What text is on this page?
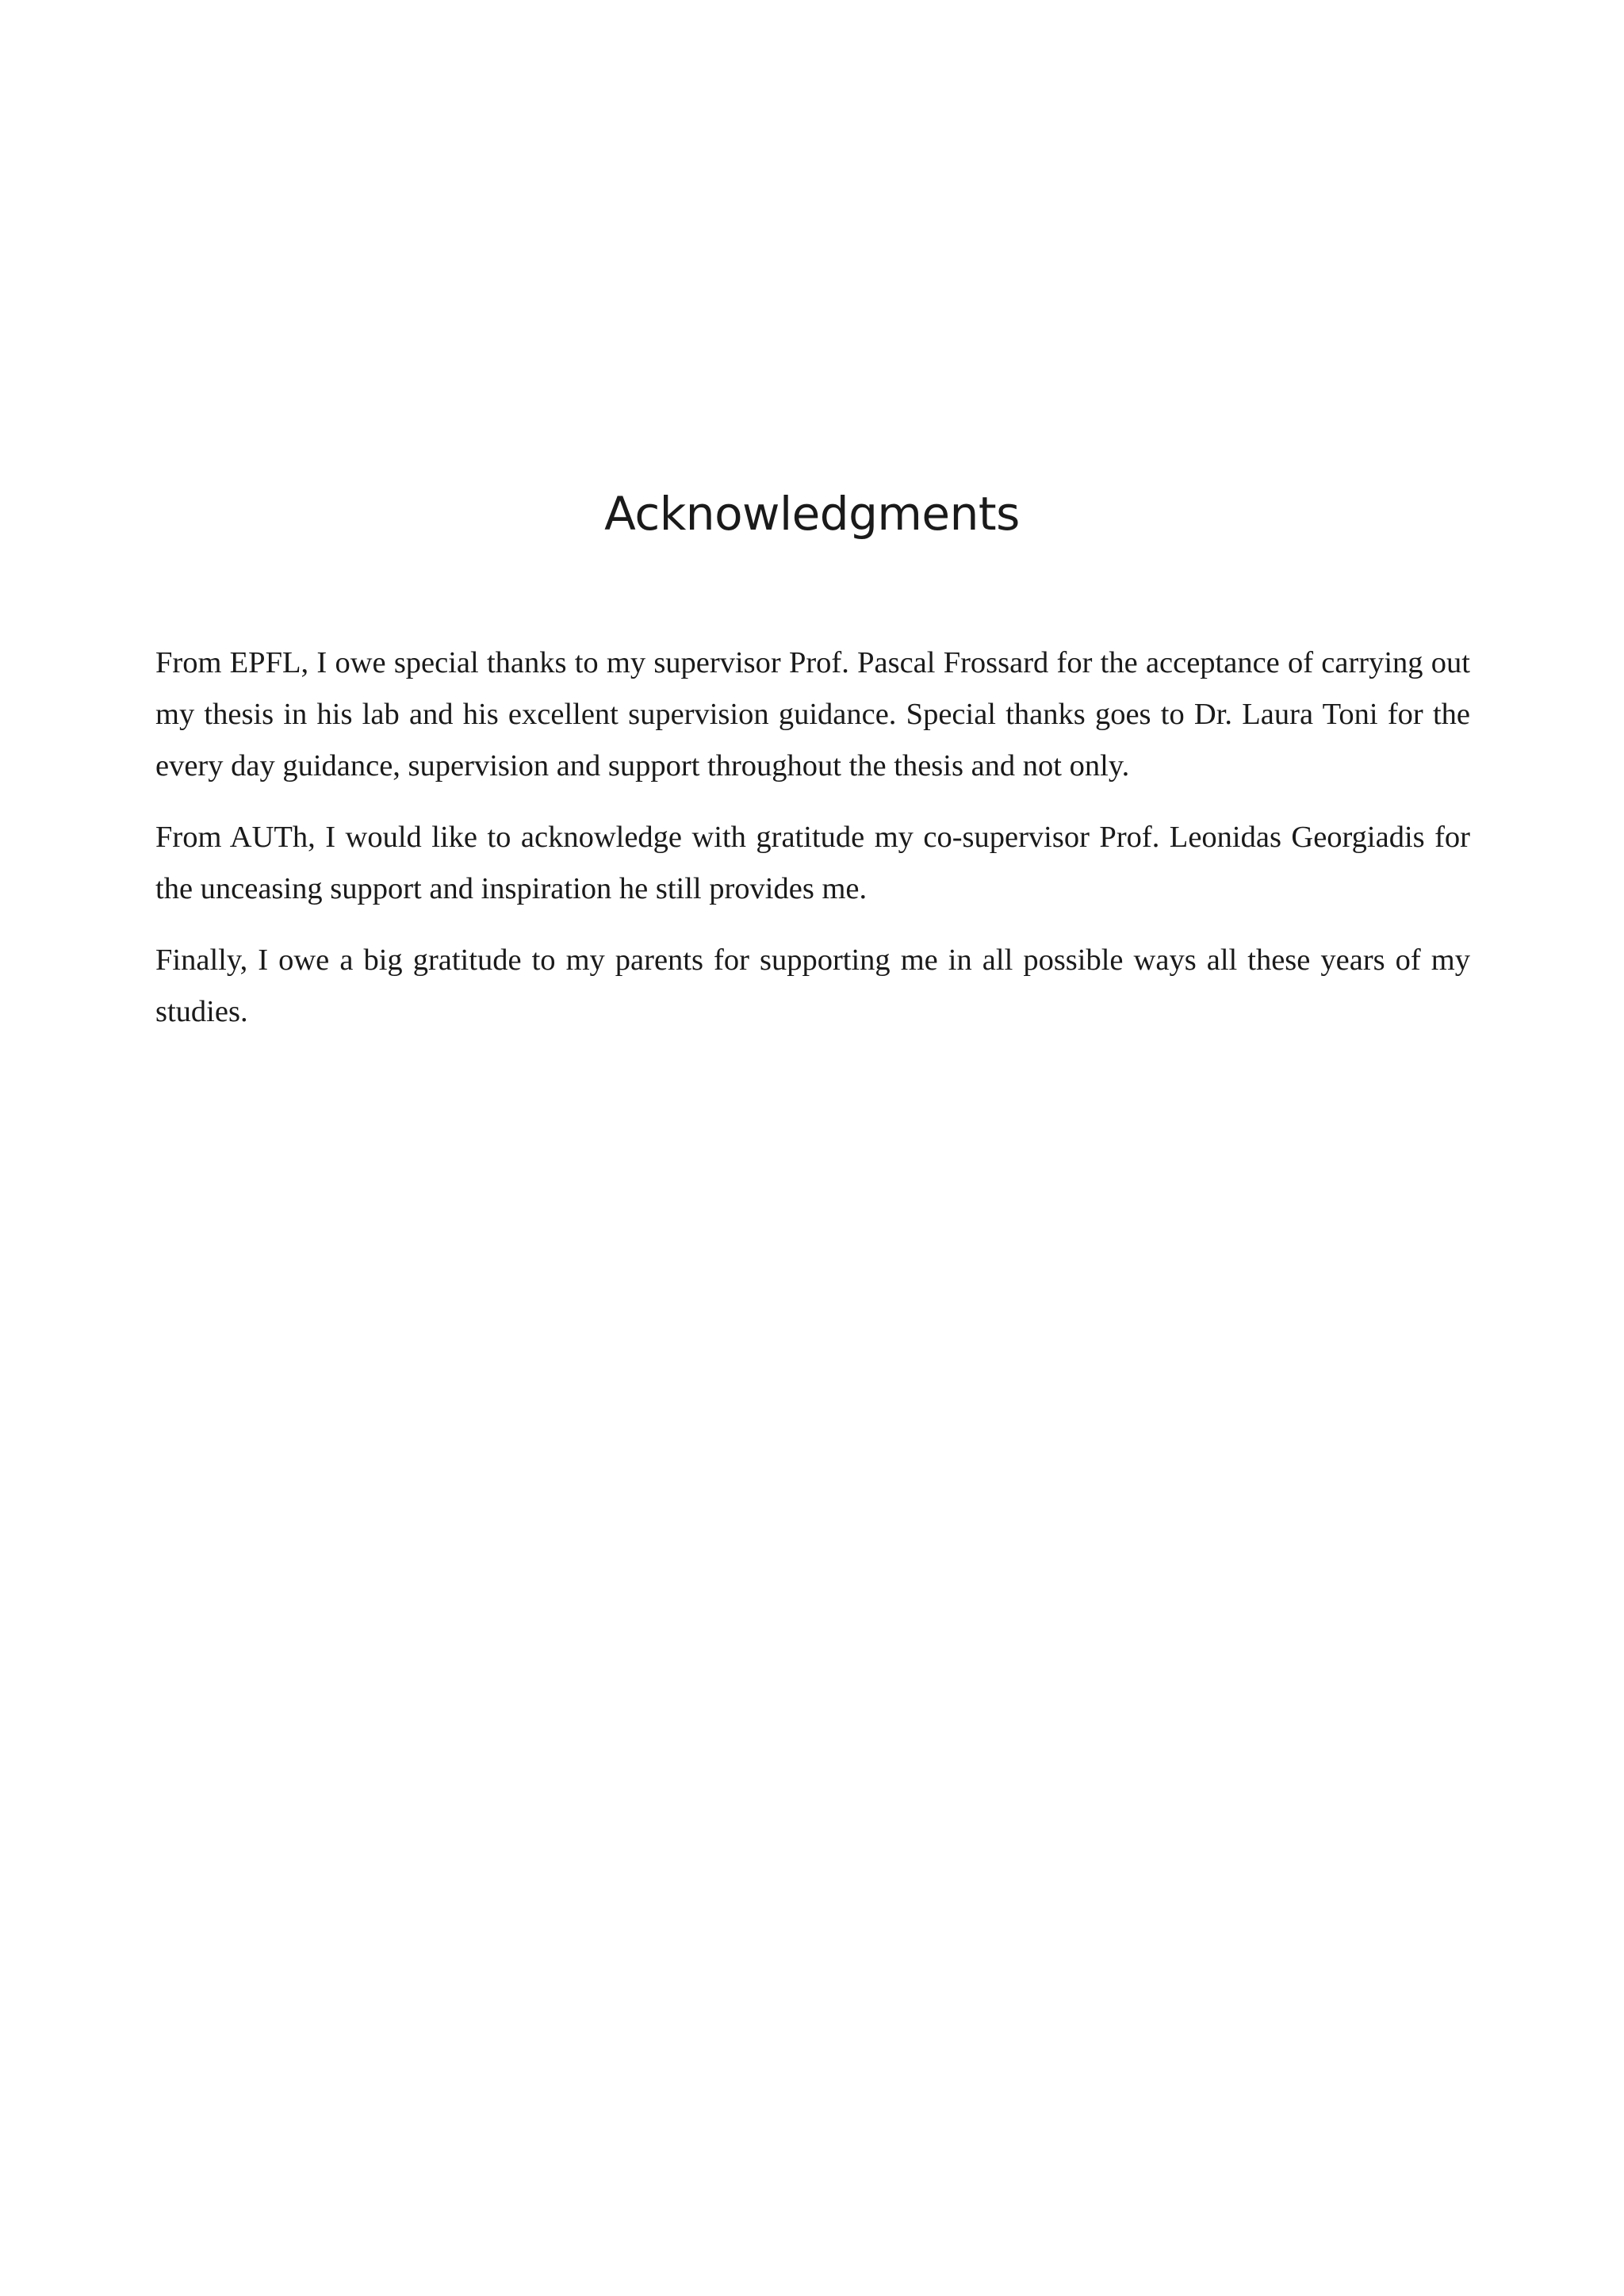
Acknowledgments

From EPFL, I owe special thanks to my supervisor Prof. Pascal Frossard for the acceptance of carrying out my thesis in his lab and his excellent supervision guidance. Special thanks goes to Dr. Laura Toni for the every day guidance, supervision and support throughout the thesis and not only.

From AUTh, I would like to acknowledge with gratitude my co-supervisor Prof. Leonidas Georgiadis for the unceasing support and inspiration he still provides me.

Finally, I owe a big gratitude to my parents for supporting me in all possible ways all these years of my studies.
